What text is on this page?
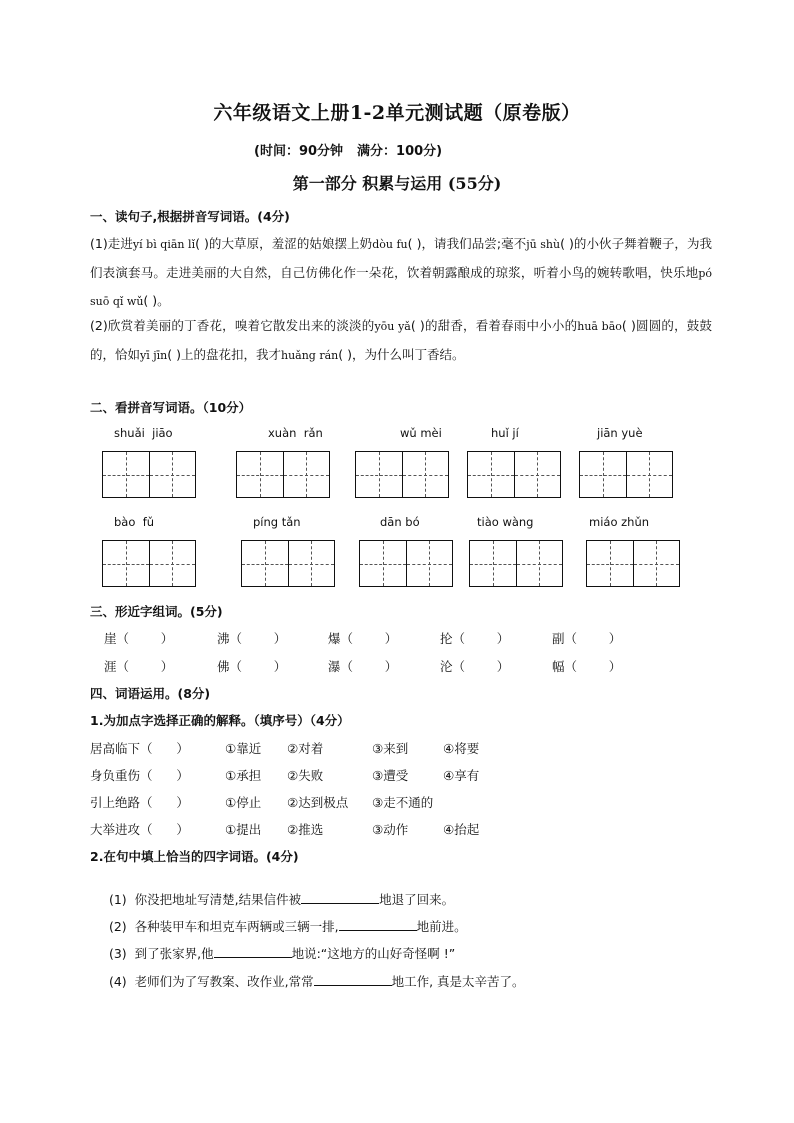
六年级语文上册1-2单元测试题（原卷版）
(时间：90分钟 满分：100分)
第一部分 积累与运用 (55分)
一、读句子,根据拼音写词语。(4分)
(1)走进yí bì qiān lǐ( )的大草原，羞涩的姑娘摆上奶dòu fu( )，请我们品尝;毫不jū shù( )的小伙子舞着鞭子，为我们表演套马。走进美丽的大自然，自己仿佛化作一朵花，饮着朝露酿成的琼浆，听着小鸟的婉转歌唱，快乐地pó suō qǐ wǔ( )。
(2)欣赏着美丽的丁香花，嗅着它散发出来的淡淡的yōu yǎ( )的甜香，看着春雨中小小的huā bāo( )圆圆的，鼓鼓的，恰如yī jīn( )上的盘花扣，我才huǎng rán( )，为什么叫丁香结。
二、看拼音写词语。（10分）
shuǎi  jiāo	xuàn  rǎn	wǔ mèi	huǐ jí	jiān yuè
bào  fǔ	píng tǎn	dān bó	tiào wàng	miáo zhǔn
三、形近字组词。(5分)
崖（        ）	沸（        ）	爆（        ）	抡（        ）	副（        ）
涯（        ）	佛（        ）	瀑（        ）	沦（        ）	幅（        ）
四、词语运用。(8分)
1.为加点字选择正确的解释。（填序号）（4分）
居高临下（      ）	①靠近 ②对着	③来到	④将要
身负重伤（      ）	①承担 ②失败	③遭受	④享有
引上绝路（      ）	①停止 ②达到极点 ③走不通的
大举进攻（      ）	①提出 ②推选	③动作	④抬起
2.在句中填上恰当的四字词语。(4分)

(1)  你没把地址写清楚,结果信件被	地退了回来。

(2)  各种装甲车和坦克车两辆或三辆一排,	地前进。

(3)  到了张家界,他	地说:“这地方的山好奇怪啊 !”

(4)  老师们为了写教案、改作业,常常	地工作, 真是太辛苦了。
